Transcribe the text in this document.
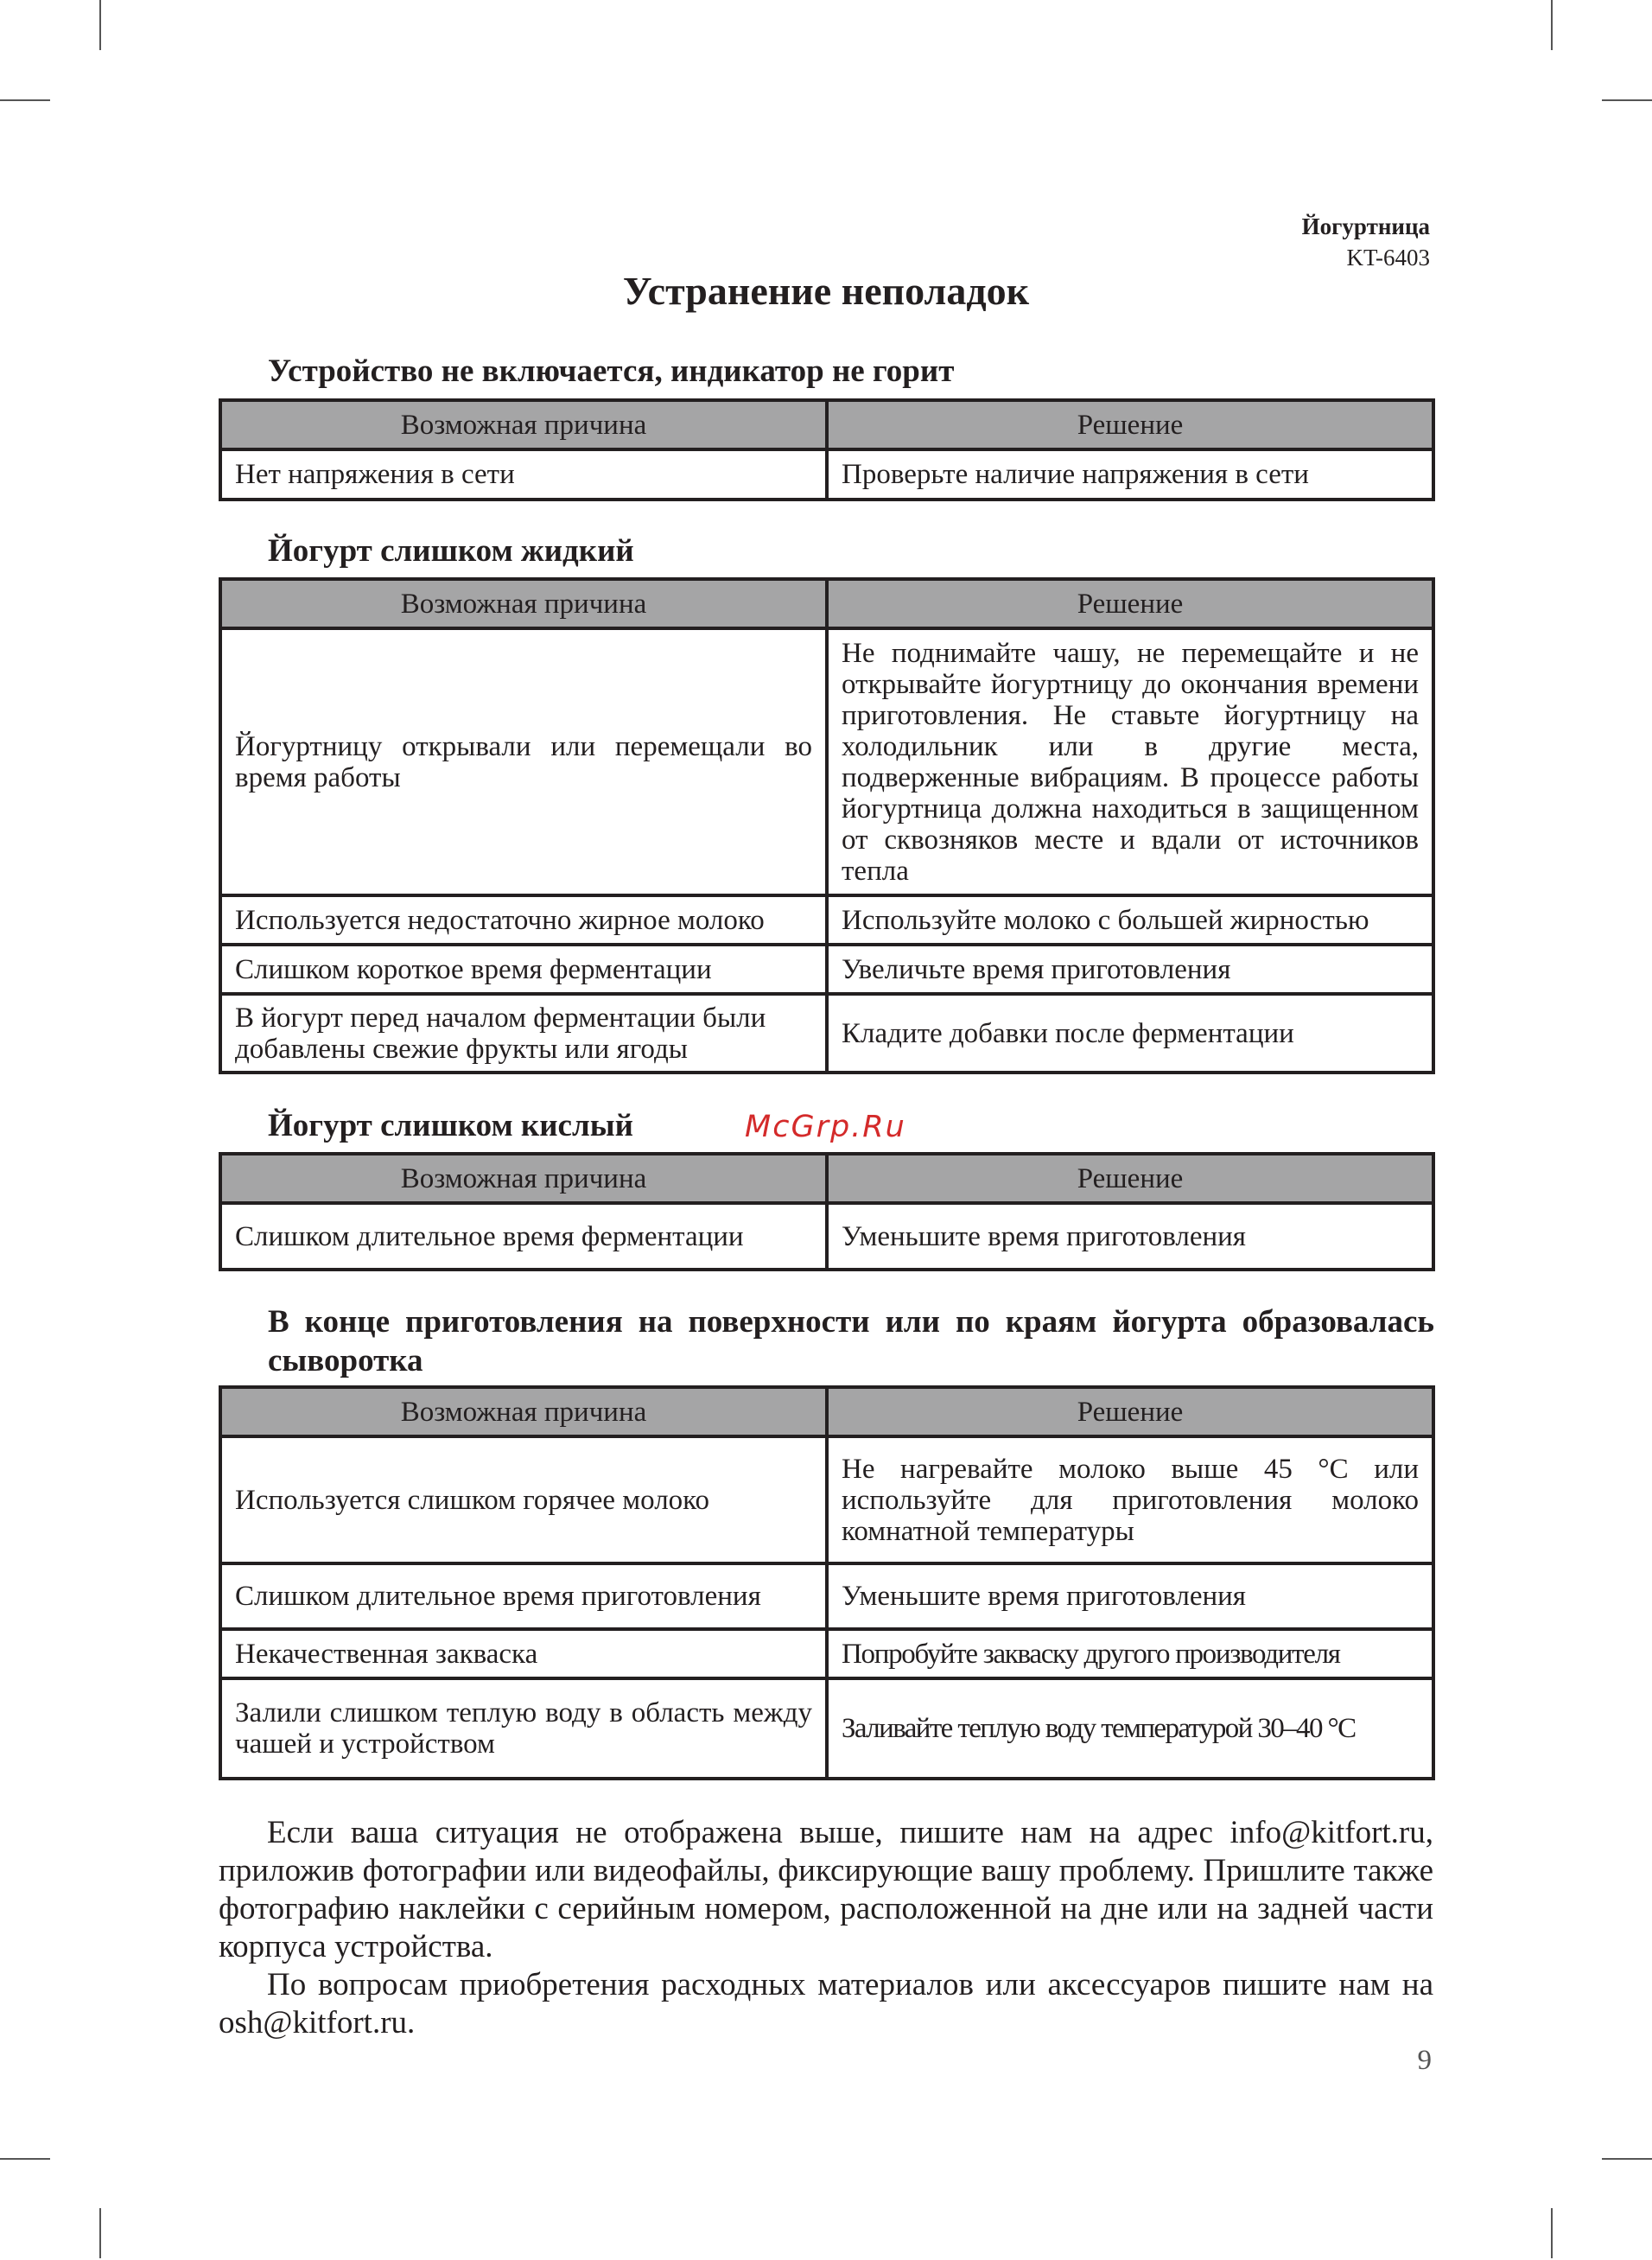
Йогуртница
KT-6403
Устранение неполадок
Устройство не включается, индикатор не горит
Возможная причина	Решение
Нет напряжения в сети	Проверьте наличие напряжения в сети
Йогурт слишком жидкий
Возможная причина	Решение
Йогуртницу открывали или перемещали во время работы	Не поднимайте чашу, не перемещайте и не открывайте йогуртницу до окончания времени приготовления. Не ставьте йогуртницу на холодильник или в другие места, подверженные вибрациям. В процессе работы йогуртница должна находиться в защищенном от сквозняков месте и вдали от источников тепла
Используется недостаточно жирное молоко	Используйте молоко с большей жирностью
Слишком короткое время ферментации	Увеличьте время приготовления
В йогурт перед началом ферментации были добавлены свежие фрукты или ягоды	Кладите добавки после ферментации
Йогурт слишком кислый	McGrp.Ru
Возможная причина	Решение
Слишком длительное время ферментации	Уменьшите время приготовления
В конце приготовления на поверхности или по краям йогурта образовалась сыворотка
Возможная причина	Решение
Используется слишком горячее молоко	Не нагревайте молоко выше 45 °C или используйте для приготовления молоко комнатной температуры
Слишком длительное время приготовления	Уменьшите время приготовления
Некачественная закваска	Попробуйте закваску другого производителя
Залили слишком теплую воду в область между чашей и устройством	Заливайте теплую воду температурой 30–40 °C

Если ваша ситуация не отображена выше, пишите нам на адрес info@kitfort.ru, приложив фотографии или видеофайлы, фиксирующие вашу проблему. Пришлите также фотографию наклейки с серийным номером, расположенной на дне или на задней части корпуса устройства.

По вопросам приобретения расходных материалов или аксессуаров пишите нам на osh@kitfort.ru.

9
